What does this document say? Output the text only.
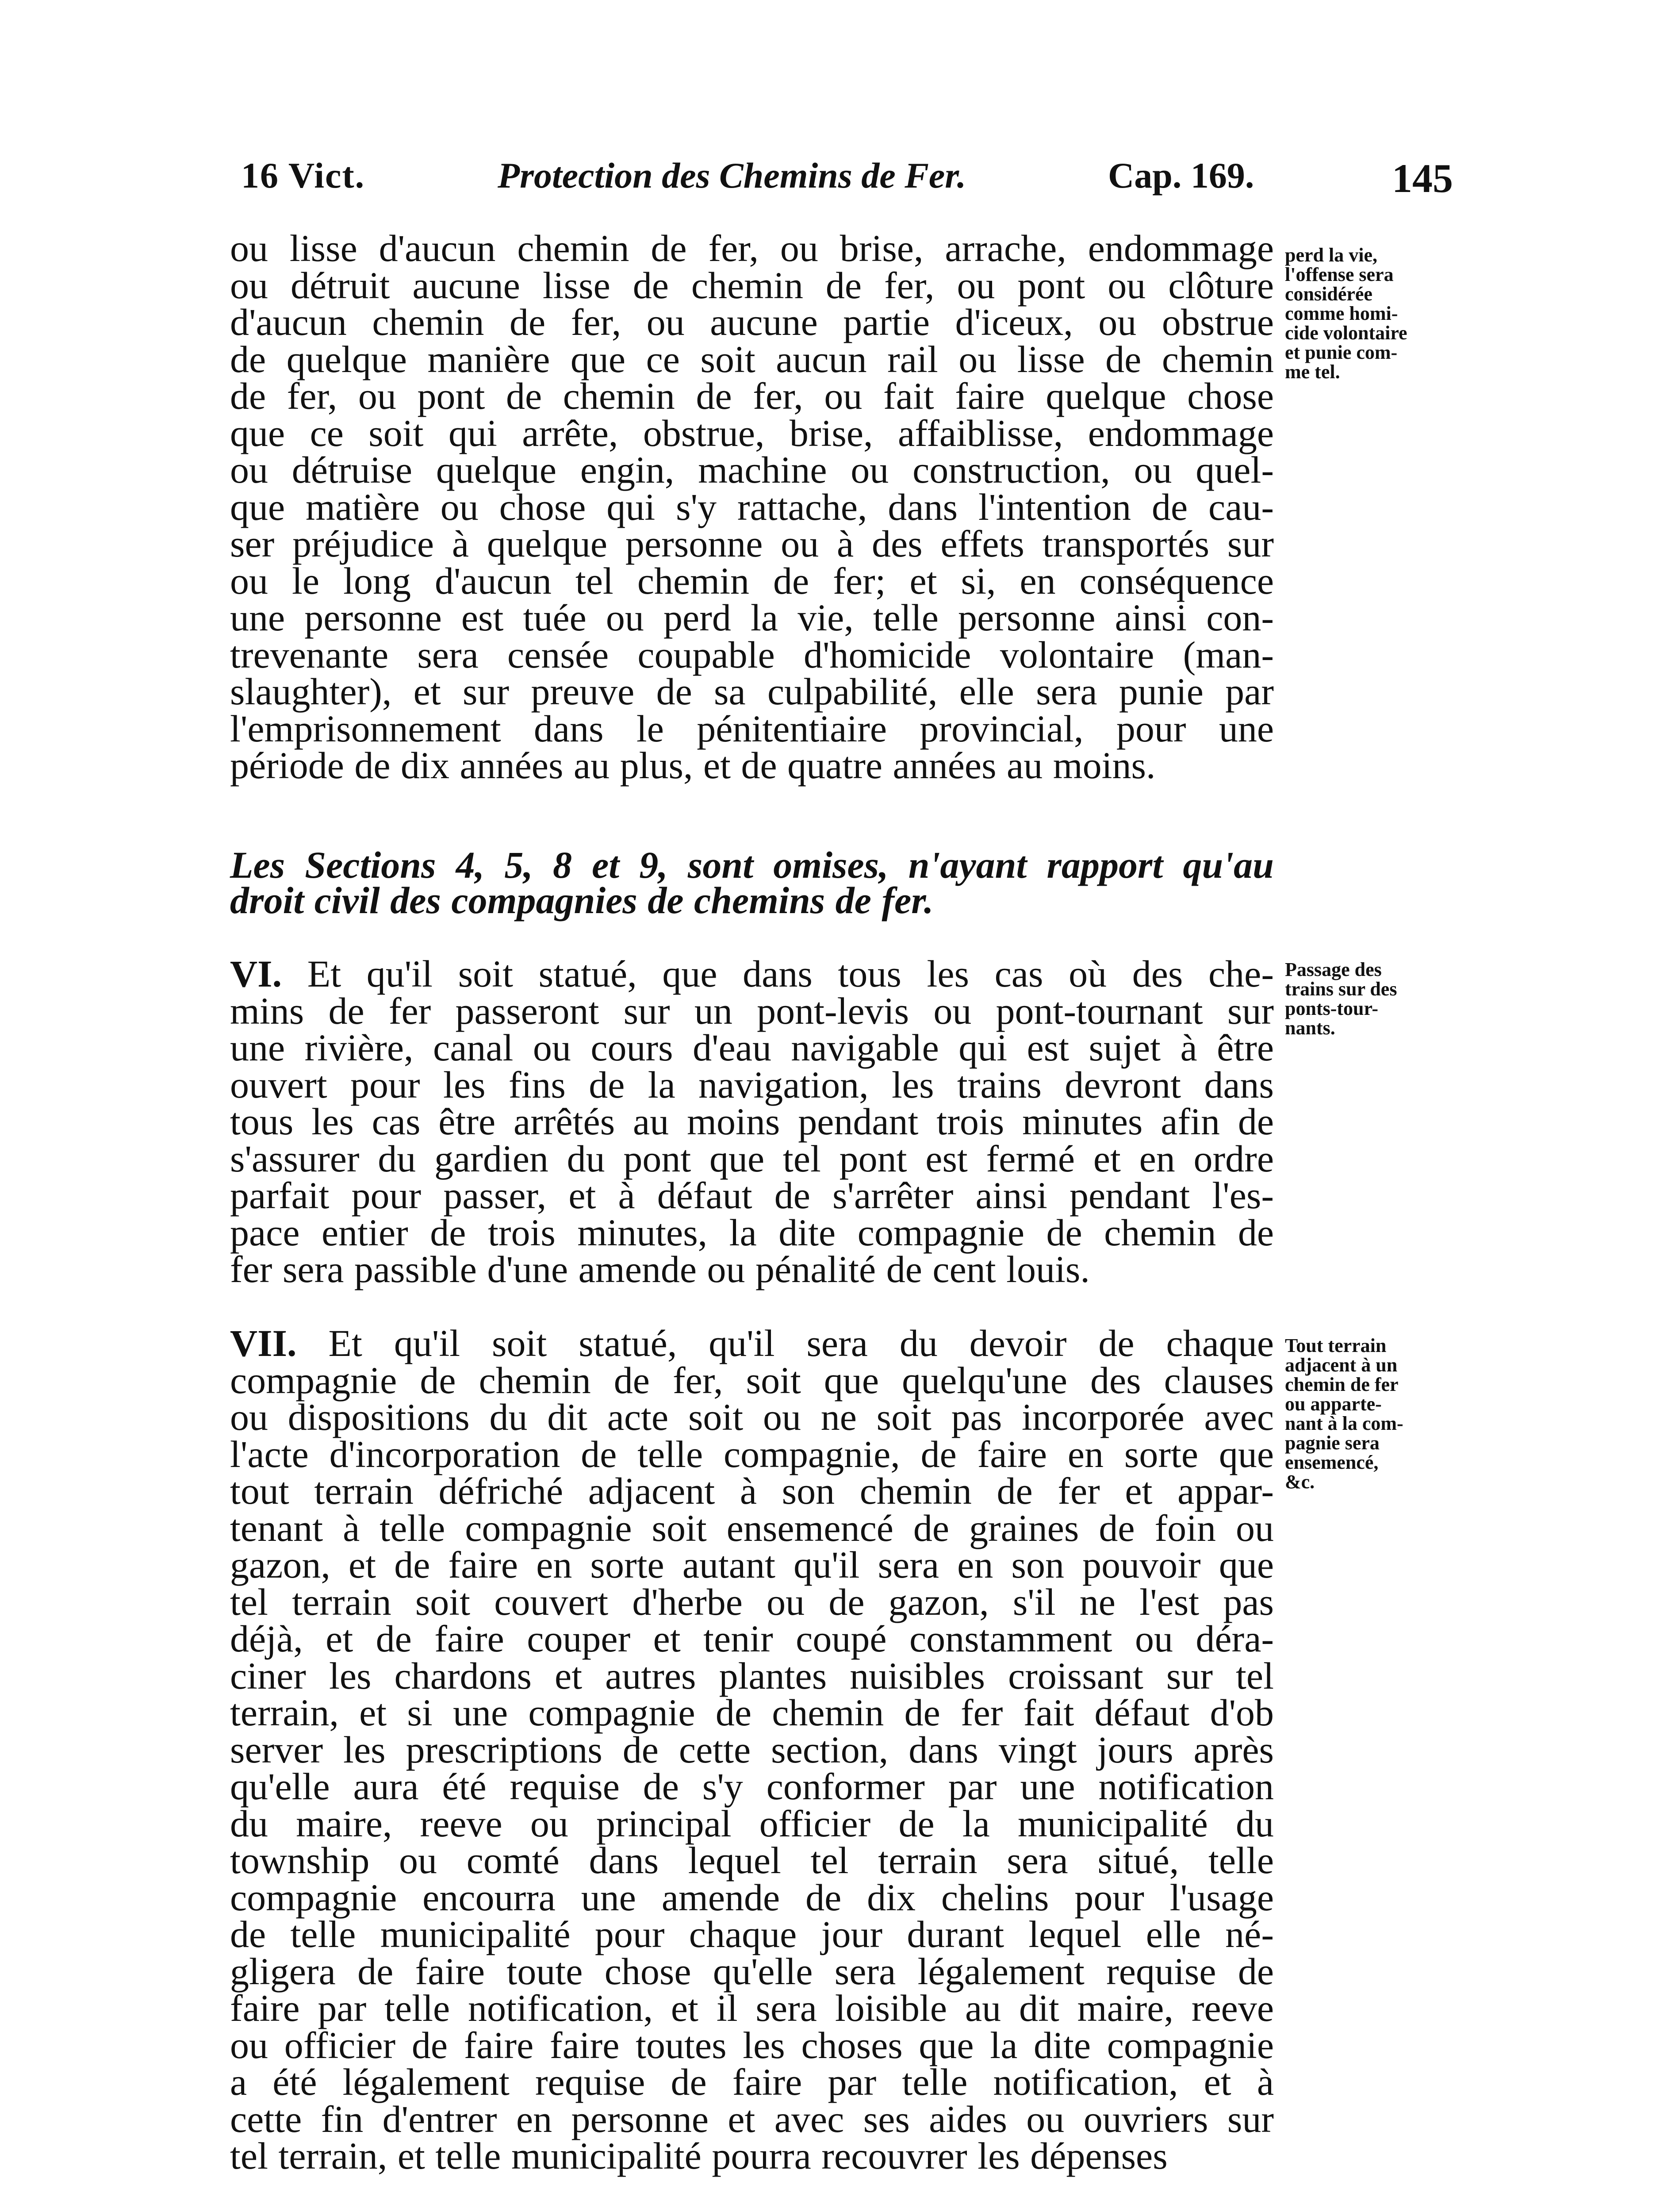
16 Vict.	Protection des Chemins de Fer.	Cap. 169.	145

ou lisse d'aucun chemin de fer, ou brise, arrache, endommage
ou détruit aucune lisse de chemin de fer, ou pont ou clôture
d'aucun chemin de fer, ou aucune partie d'iceux, ou obstrue
de quelque manière que ce soit aucun rail ou lisse de chemin
de fer, ou pont de chemin de fer, ou fait faire quelque chose
que ce soit qui arrête, obstrue, brise, affaiblisse, endommage
ou détruise quelque engin, machine ou construction, ou quel-
que matière ou chose qui s'y rattache, dans l'intention de cau-
ser préjudice à quelque personne ou à des effets transportés sur
ou le long d'aucun tel chemin de fer; et si, en conséquence
une personne est tuée ou perd la vie, telle personne ainsi con-
trevenante sera censée coupable d'homicide volontaire (man-
slaughter), et sur preuve de sa culpabilité, elle sera punie par
l'emprisonnement dans le pénitentiaire provincial, pour une
période de dix années au plus, et de quatre années au moins.

Les Sections 4, 5, 8 et 9, sont omises, n'ayant rapport qu'au
droit civil des compagnies de chemins de fer.

VI. Et qu'il soit statué, que dans tous les cas où des che-
mins de fer passeront sur un pont-levis ou pont-tournant sur
une rivière, canal ou cours d'eau navigable qui est sujet à être
ouvert pour les fins de la navigation, les trains devront dans
tous les cas être arrêtés au moins pendant trois minutes afin de
s'assurer du gardien du pont que tel pont est fermé et en ordre
parfait pour passer, et à défaut de s'arrêter ainsi pendant l'es-
pace entier de trois minutes, la dite compagnie de chemin de
fer sera passible d'une amende ou pénalité de cent louis.

VII. Et qu'il soit statué, qu'il sera du devoir de chaque
compagnie de chemin de fer, soit que quelqu'une des clauses
ou dispositions du dit acte soit ou ne soit pas incorporée avec
l'acte d'incorporation de telle compagnie, de faire en sorte que
tout terrain défriché adjacent à son chemin de fer et appar-
tenant à telle compagnie soit ensemencé de graines de foin ou
gazon, et de faire en sorte autant qu'il sera en son pouvoir que
tel terrain soit couvert d'herbe ou de gazon, s'il ne l'est pas
déjà, et de faire couper et tenir coupé constamment ou déra-
ciner les chardons et autres plantes nuisibles croissant sur tel
terrain, et si une compagnie de chemin de fer fait défaut d'ob
server les prescriptions de cette section, dans vingt jours après
qu'elle aura été requise de s'y conformer par une notification
du maire, reeve ou principal officier de la municipalité du
township ou comté dans lequel tel terrain sera situé, telle
compagnie encourra une amende de dix chelins pour l'usage
de telle municipalité pour chaque jour durant lequel elle né-
gligera de faire toute chose qu'elle sera légalement requise de
faire par telle notification, et il sera loisible au dit maire, reeve
ou officier de faire faire toutes les choses que la dite compagnie
a été légalement requise de faire par telle notification, et à
cette fin d'entrer en personne et avec ses aides ou ouvriers sur
tel terrain, et telle municipalité pourra recouvrer les dépenses

perd la vie,
l'offense sera
considérée
comme homi-
cide volontaire
et punie com-
me tel.
Passage des
trains sur des
ponts-tour-
nants.
Tout terrain
adjacent à un
chemin de fer
ou apparte-
nant à la com-
pagnie sera
ensemencé,
&c.
